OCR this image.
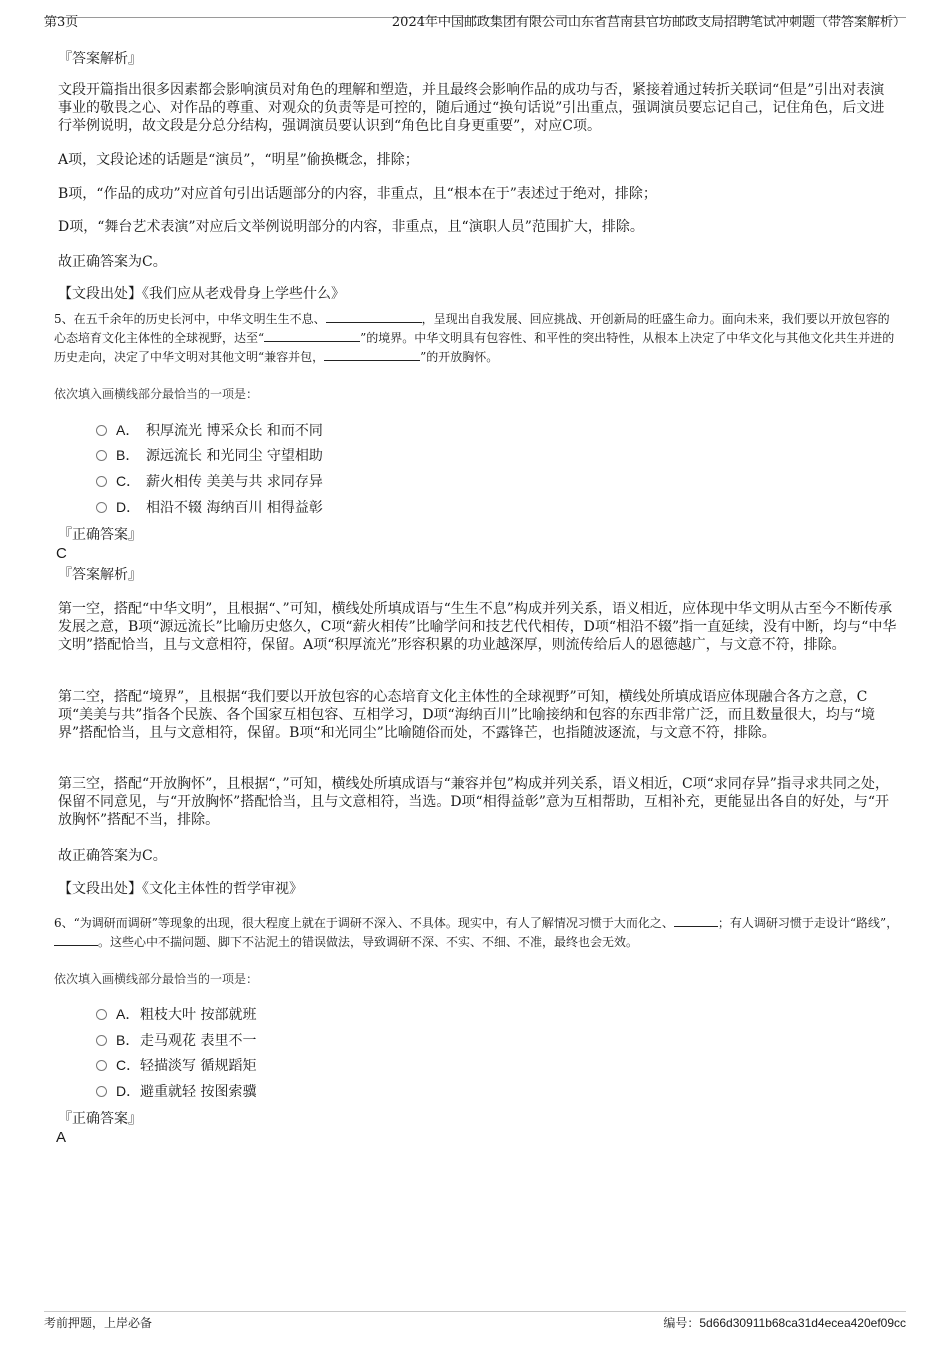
第3页	2024年中国邮政集团有限公司山东省莒南县官坊邮政支局招聘笔试冲刺题（带答案解析）
『答案解析』
文段开篇指出很多因素都会影响演员对角色的理解和塑造，并且最终会影响作品的成功与否，紧接着通过转折关联词“但是”引出对表演事业的敬畏之心、对作品的尊重、对观众的负责等是可控的，随后通过“换句话说”引出重点，强调演员要忘记自己，记住角色，后文进行举例说明，故文段是分总分结构，强调演员要认识到“角色比自身更重要”，对应C项。
A项，文段论述的话题是“演员”，“明星”偷换概念，排除；
B项，“作品的成功”对应首句引出话题部分的内容，非重点，且“根本在于”表述过于绝对，排除；
D项，“舞台艺术表演”对应后文举例说明部分的内容，非重点，且“演职人员”范围扩大，排除。
故正确答案为C。
【文段出处】《我们应从老戏骨身上学些什么》
5、在五千余年的历史长河中，中华文明生生不息、	，呈现出自我发展、回应挑战、开创新局的旺盛生命力。面向未来，我们要以开放包容的心态培育文化主体性的全球视野，达至“	”的境界。中华文明具有包容性、和平性的突出特性，从根本上决定了中华文化与其他文化共生并进的历史走向，决定了中华文明对其他文明“兼容并包，	”的开放胸怀。
依次填入画横线部分最恰当的一项是：
A． 积厚流光 博采众长 和而不同
B． 源远流长 和光同尘 守望相助
C． 薪火相传 美美与共 求同存异
D． 相沿不辍 海纳百川 相得益彰
『正确答案』
C
『答案解析』
第一空，搭配“中华文明”，且根据“、”可知，横线处所填成语与“生生不息”构成并列关系，语义相近，应体现中华文明从古至今不断传承发展之意，B项“源远流长”比喻历史悠久，C项“薪火相传”比喻学问和技艺代代相传，D项“相沿不辍”指一直延续，没有中断，均与“中华文明”搭配恰当，且与文意相符，保留。A项“积厚流光”形容积累的功业越深厚，则流传给后人的恩德越广，与文意不符，排除。
第二空，搭配“境界”，且根据“我们要以开放包容的心态培育文化主体性的全球视野”可知，横线处所填成语应体现融合各方之意，C项“美美与共”指各个民族、各个国家互相包容、互相学习，D项“海纳百川”比喻接纳和包容的东西非常广泛，而且数量很大，均与“境界”搭配恰当，且与文意相符，保留。B项“和光同尘”比喻随俗而处，不露锋芒，也指随波逐流，与文意不符，排除。
第三空，搭配“开放胸怀”，且根据“，”可知，横线处所填成语与“兼容并包”构成并列关系，语义相近，C项“求同存异”指寻求共同之处，保留不同意见，与“开放胸怀”搭配恰当，且与文意相符，当选。D项“相得益彰”意为互相帮助，互相补充，更能显出各自的好处，与“开放胸怀”搭配不当，排除。
故正确答案为C。
【文段出处】《文化主体性的哲学审视》
6、“为调研而调研”等现象的出现，很大程度上就在于调研不深入、不具体。现实中，有人了解情况习惯于大而化之、	；有人调研习惯于走设计“路线”，。这些心中不揣问题、脚下不沾泥土的错误做法，导致调研不深、不实、不细、不准，最终也会无效。
依次填入画横线部分最恰当的一项是：
A．粗枝大叶 按部就班
B．走马观花 表里不一
C．轻描淡写 循规蹈矩
D．避重就轻 按图索骥
『正确答案』
A
考前押题，上岸必备	编号：5d66d30911b68ca31d4ecea420ef09cc
